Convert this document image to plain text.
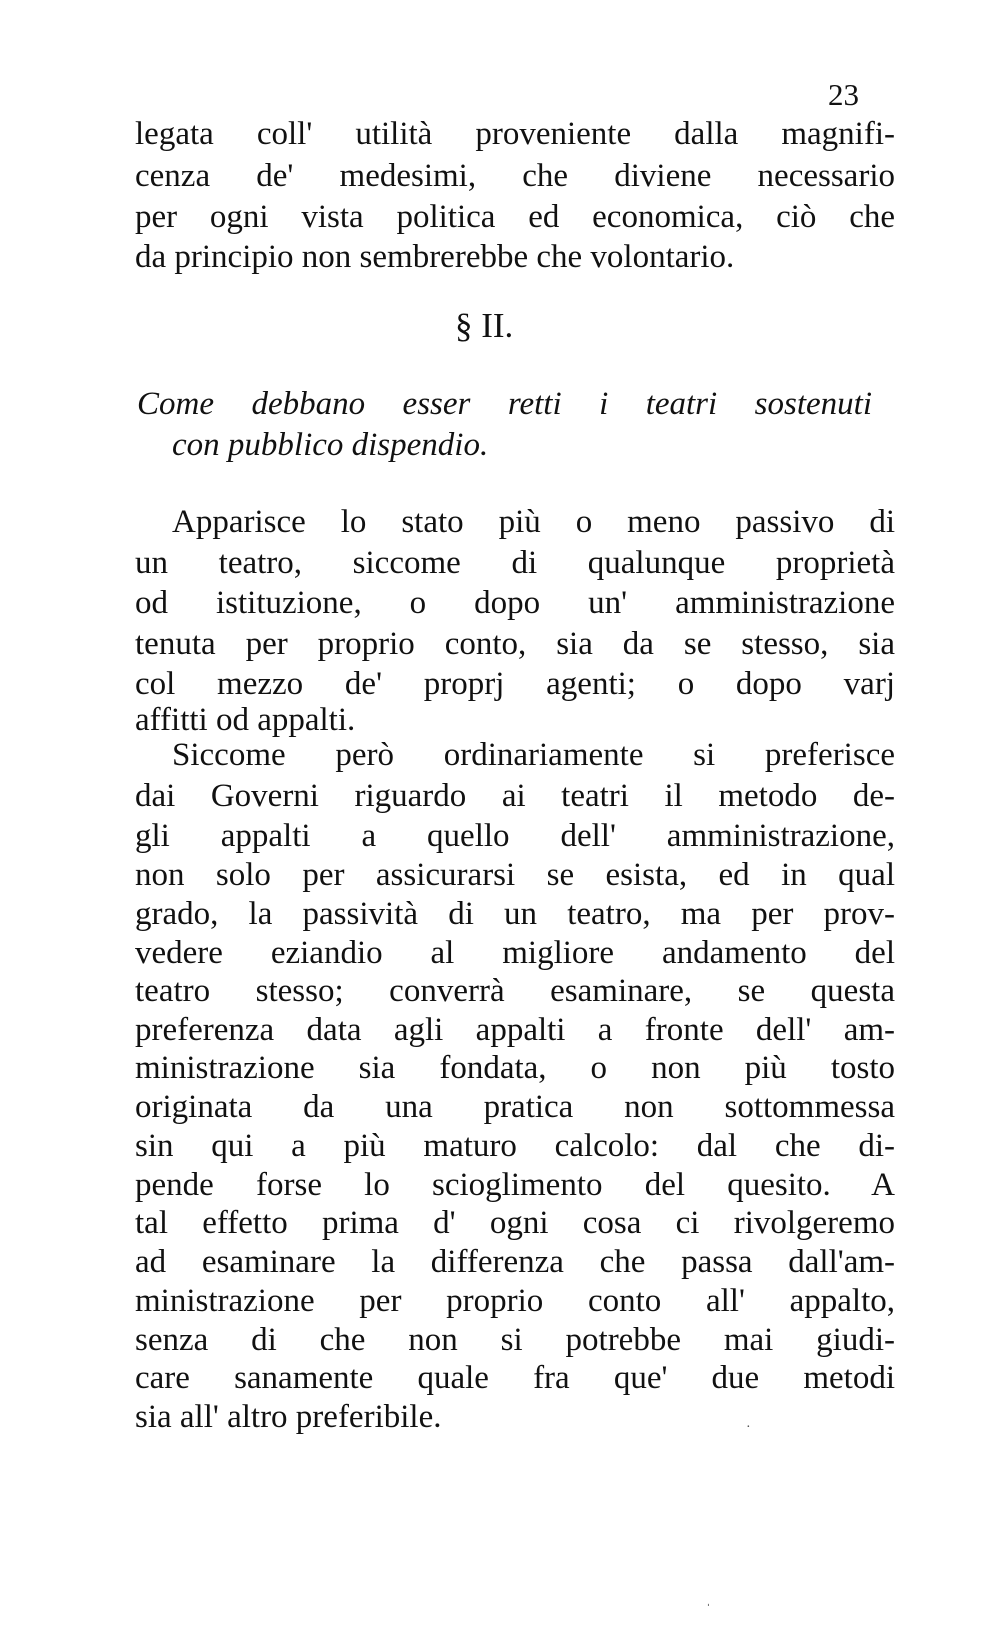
23
legata coll' utilità proveniente dalla magnifi-
cenza de' medesimi, che diviene necessario
per ogni vista politica ed economica, ciò che
da principio non sembrerebbe che volontario.
§ II.
Come debbano esser retti i teatri sostenuti
con pubblico dispendio.
Apparisce lo stato più o meno passivo di
un teatro, siccome di qualunque proprietà
od istituzione, o dopo un' amministrazione
tenuta per proprio conto, sia da se stesso, sia
col mezzo de' proprj agenti; o dopo varj
affitti od appalti.
Siccome però ordinariamente si preferisce
dai Governi riguardo ai teatri il metodo de-
gli appalti a quello dell' amministrazione,
non solo per assicurarsi se esista, ed in qual
grado, la passività di un teatro, ma per prov-
vedere eziandio al migliore andamento del
teatro stesso; converrà esaminare, se questa
preferenza data agli appalti a fronte dell' am-
ministrazione sia fondata, o non più tosto
originata da una pratica non sottommessa
sin qui a più maturo calcolo: dal che di-
pende forse lo scioglimento del quesito. A
tal effetto prima d' ogni cosa ci rivolgeremo
ad esaminare la differenza che passa dall'am-
ministrazione per proprio conto all' appalto,
senza di che non si potrebbe mai giudi-
care sanamente quale fra que' due metodi
sia all' altro preferibile.	·
ˌ
